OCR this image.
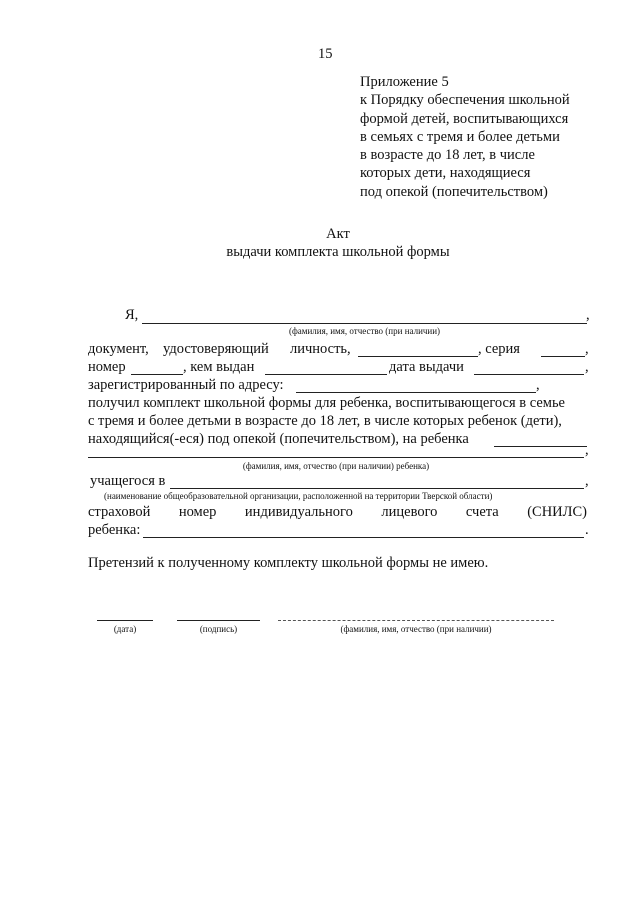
15
Приложение 5
к Порядку обеспечения школьной
формой детей, воспитывающихся
в семьях с тремя и более детьми
в возрасте до 18 лет, в числе
которых дети, находящиеся
под опекой (попечительством)
Акт
выдачи комплекта школьной формы
Я,	,
(фамилия, имя, отчество (при наличии)
документ, удостоверяющий личность,	, серия	,
номер	, кем выдан	дата выдачи	,
зарегистрированный по адресу:	,
получил комплект школьной формы для ребенка, воспитывающегося в семье
с тремя и более детьми в возрасте до 18 лет, в числе которых ребенок (дети),
находящийся(-еся) под опекой (попечительством), на ребенка
,
(фамилия, имя, отчество (при наличии) ребенка)
учащегося в	,
(наименование общеобразовательной организации, расположенной на территории Тверской области)
страховой номер индивидуального лицевого счета (СНИЛС)
ребенка:	.
Претензий к полученному комплекту школьной формы не имею.
(дата)	(подпись)	(фамилия, имя, отчество (при наличии)
